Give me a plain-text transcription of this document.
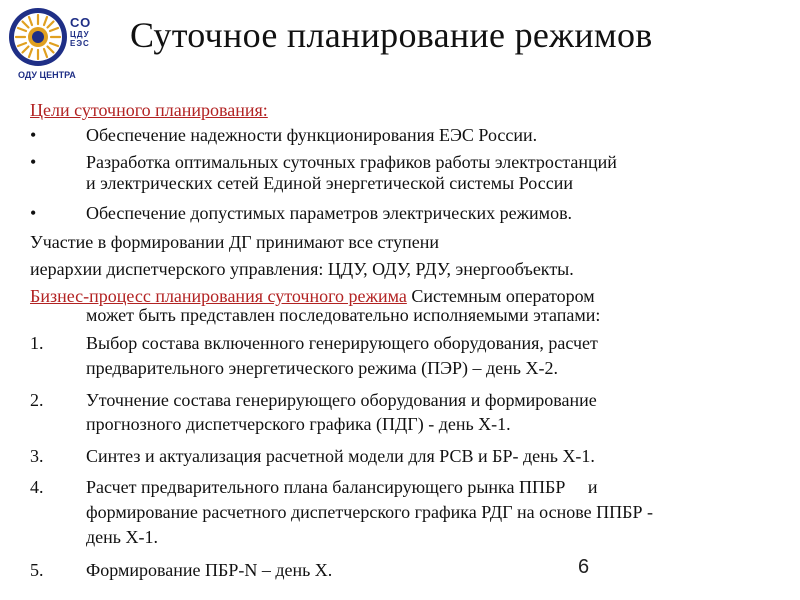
СО
ЦДУ
ЕЭС
ОДУ ЦЕНТРА
Суточное планирование режимов
Цели суточного планирования:
•	Обеспечение надежности функционирования ЕЭС России.
•	Разработка оптимальных суточных графиков работы электростанций
и электрических сетей Единой энергетической системы России
•	Обеспечение допустимых параметров электрических режимов.
Участие в формировании ДГ принимают все ступени
иерархии диспетчерского управления: ЦДУ, ОДУ, РДУ, энергообъекты.
Бизнес-процесс планирования суточного режима Системным оператором
может быть представлен последовательно исполняемыми этапами:
1. Выбор состава включенного генерирующего оборудования, расчет
предварительного энергетического режима (ПЭР) – день Х-2.
2. Уточнение состава генерирующего оборудования и формирование
прогнозного диспетчерского графика (ПДГ) - день Х-1.
3. Синтез и актуализация расчетной модели для РСВ и БР- день Х-1.
4. Расчет предварительного плана балансирующего рынка ППБР     и
формирование расчетного диспетчерского графика РДГ на основе ППБР -
день Х-1.
5. Формирование ПБР-N – день Х.	6
